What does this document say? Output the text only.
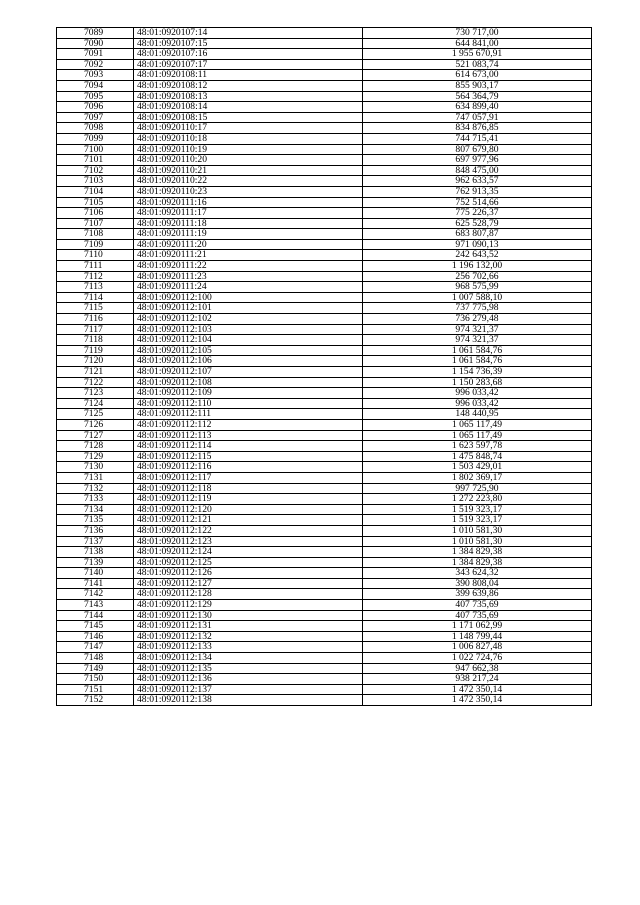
7089	48:01:0920107:14	730 717,00
7090	48:01:0920107:15	644 841,00
7091	48:01:0920107:16	1 955 670,91
7092	48:01:0920107:17	521 083,74
7093	48:01:0920108:11	614 673,00
7094	48:01:0920108:12	855 903,17
7095	48:01:0920108:13	564 364,79
7096	48:01:0920108:14	634 899,40
7097	48:01:0920108:15	747 057,91
7098	48:01:0920110:17	834 876,85
7099	48:01:0920110:18	744 715,41
7100	48:01:0920110:19	807 679,80
7101	48:01:0920110:20	697 977,96
7102	48:01:0920110:21	848 475,00
7103	48:01:0920110:22	962 633,57
7104	48:01:0920110:23	762 913,35
7105	48:01:0920111:16	752 514,66
7106	48:01:0920111:17	775 226,37
7107	48:01:0920111:18	625 528,79
7108	48:01:0920111:19	683 807,87
7109	48:01:0920111:20	971 090,13
7110	48:01:0920111:21	242 643,52
7111	48:01:0920111:22	1 196 132,00
7112	48:01:0920111:23	256 702,66
7113	48:01:0920111:24	968 575,99
7114	48:01:0920112:100	1 007 588,10
7115	48:01:0920112:101	737 775,98
7116	48:01:0920112:102	736 279,48
7117	48:01:0920112:103	974 321,37
7118	48:01:0920112:104	974 321,37
7119	48:01:0920112:105	1 061 584,76
7120	48:01:0920112:106	1 061 584,76
7121	48:01:0920112:107	1 154 736,39
7122	48:01:0920112:108	1 150 283,68
7123	48:01:0920112:109	996 033,42
7124	48:01:0920112:110	996 033,42
7125	48:01:0920112:111	148 440,95
7126	48:01:0920112:112	1 065 117,49
7127	48:01:0920112:113	1 065 117,49
7128	48:01:0920112:114	1 623 597,78
7129	48:01:0920112:115	1 475 848,74
7130	48:01:0920112:116	1 503 429,01
7131	48:01:0920112:117	1 802 369,17
7132	48:01:0920112:118	997 725,90
7133	48:01:0920112:119	1 272 223,80
7134	48:01:0920112:120	1 519 323,17
7135	48:01:0920112:121	1 519 323,17
7136	48:01:0920112:122	1 010 581,30
7137	48:01:0920112:123	1 010 581,30
7138	48:01:0920112:124	1 384 829,38
7139	48:01:0920112:125	1 384 829,38
7140	48:01:0920112:126	343 624,32
7141	48:01:0920112:127	390 808,04
7142	48:01:0920112:128	399 639,86
7143	48:01:0920112:129	407 735,69
7144	48:01:0920112:130	407 735,69
7145	48:01:0920112:131	1 171 062,99
7146	48:01:0920112:132	1 148 799,44
7147	48:01:0920112:133	1 006 827,48
7148	48:01:0920112:134	1 022 724,76
7149	48:01:0920112:135	947 662,38
7150	48:01:0920112:136	938 217,24
7151	48:01:0920112:137	1 472 350,14
7152	48:01:0920112:138	1 472 350,14
